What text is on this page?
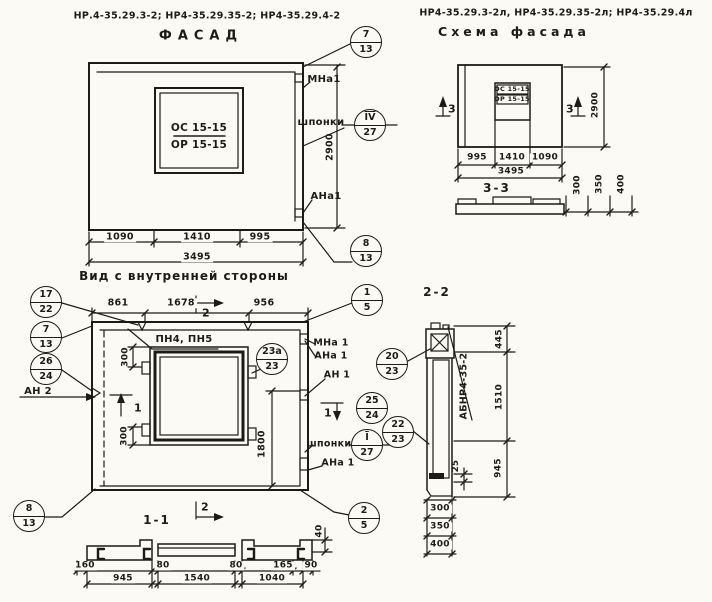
НР.4-35.29.3-2; НР4-35.29.35-2; НР4-35.29.4-2
ФАСАД
НР4-35.29.3-2л, НР4-35.29.35-2л; НР4-35.29.4л
Схема фасада
Вид с внутренней стороны
1-1
2-2
3-3
ОС 15-15
ОР 15-15
ОС 15-15
ОР 15-15
МНа1
шпонки
2900
АНа1
1090	1410	995
3495
3	3 2900
995 1410 1090
3495
300 350 400
861	1678	956
2
ПН4, ПН5
300
300	1800
МНа 1
АНа 1
АН 1
1
шпонки
АНа 1
АН 2
1
2
160
945
80
1540
80
1040
165 90
40
АБНР4-35-2
445
1510
25	945
300
350
400
7
13
$\overline{IV}$
27
8
13
17
22
7
13
26
24
8
13
1
5
23а
23
20
23
25
24
22
23
$\overline{I}$
27
2
5
